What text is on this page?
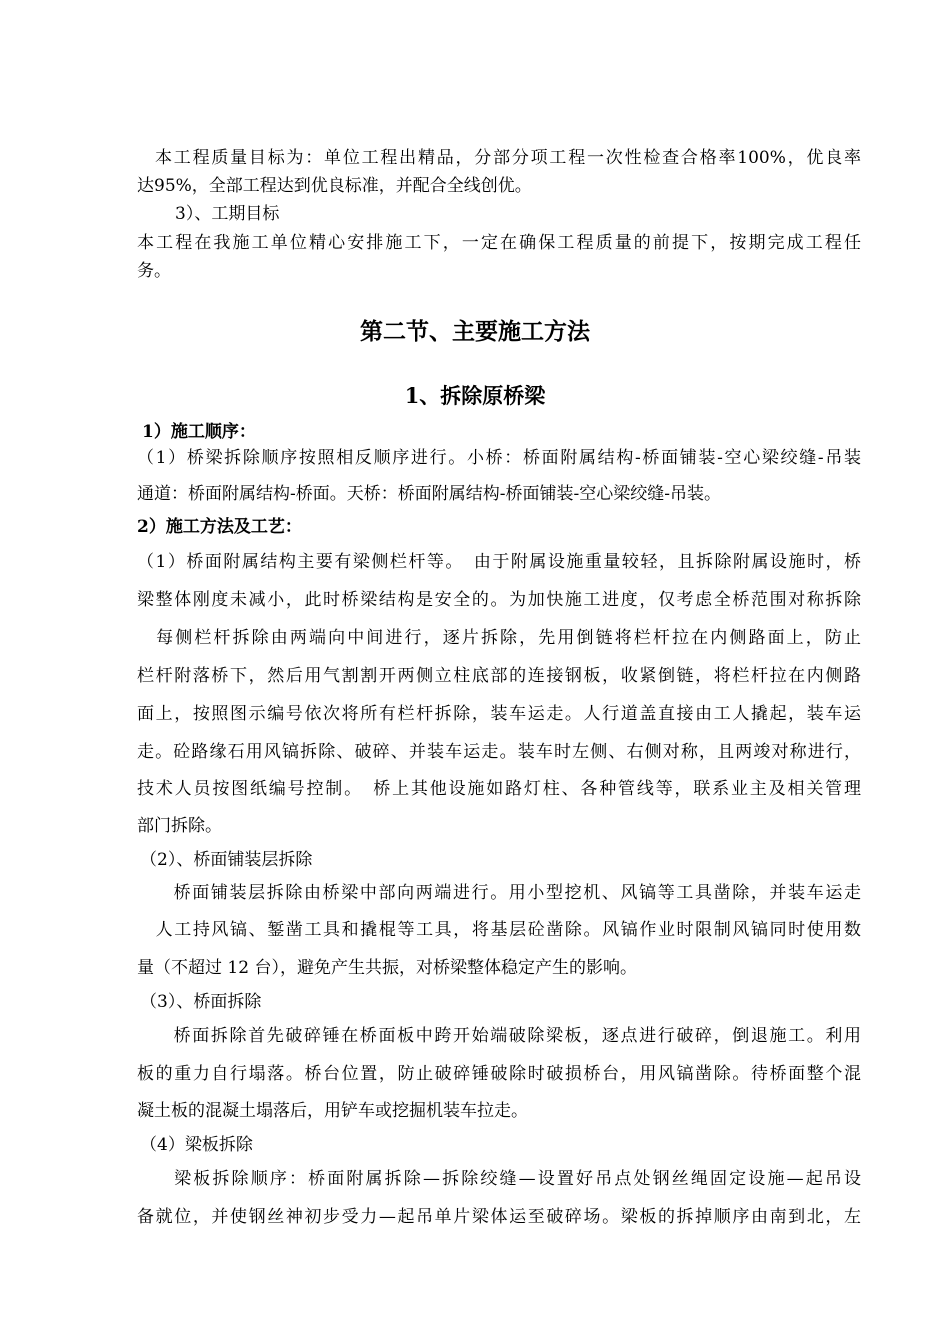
本工程质量目标为：单位工程出精品，分部分项工程一次性检查合格率100%，优良率
达95%，全部工程达到优良标准，并配合全线创优。
3）、工期目标
本工程在我施工单位精心安排施工下，一定在确保工程质量的前提下，按期完成工程任
务。
第二节、主要施工方法
1、拆除原桥梁
1）施工顺序：
（1）桥梁拆除顺序按照相反顺序进行。小桥：桥面附属结构-桥面铺装-空心梁绞缝-吊装
通道：桥面附属结构-桥面。天桥：桥面附属结构-桥面铺装-空心梁绞缝-吊装。
2）施工方法及工艺：
（1）桥面附属结构主要有梁侧栏杆等。　由于附属设施重量较轻，且拆除附属设施时，桥
梁整体刚度未减小，此时桥梁结构是安全的。为加快施工进度，仅考虑全桥范围对称拆除
　每侧栏杆拆除由两端向中间进行，逐片拆除，先用倒链将栏杆拉在内侧路面上，防止
栏杆附落桥下，然后用气割割开两侧立柱底部的连接钢板，收紧倒链，将栏杆拉在内侧路
面上，按照图示编号依次将所有栏杆拆除，装车运走。人行道盖直接由工人撬起，装车运
走。砼路缘石用风镐拆除、破碎、并装车运走。装车时左侧、右侧对称，且两竣对称进行，
技术人员按图纸编号控制。　桥上其他设施如路灯柱、各种管线等，联系业主及相关管理
部门拆除。
（2）、桥面铺装层拆除
　桥面铺装层拆除由桥梁中部向两端进行。用小型挖机、风镐等工具凿除，并装车运走
　人工持风镐、錾凿工具和撬棍等工具，将基层砼凿除。风镐作业时限制风镐同时使用数
量（不超过 12 台），避免产生共振，对桥梁整体稳定产生的影响。
（3）、桥面拆除
　桥面拆除首先破碎锤在桥面板中跨开始端破除梁板，逐点进行破碎，倒退施工。利用
板的重力自行塌落。桥台位置，防止破碎锤破除时破损桥台，用风镐凿除。待桥面整个混
凝土板的混凝土塌落后，用铲车或挖掘机装车拉走。
（4）梁板拆除
　梁板拆除顺序：桥面附属拆除—拆除绞缝—设置好吊点处钢丝绳固定设施—起吊设
备就位，并使钢丝神初步受力—起吊单片梁体运至破碎场。梁板的拆掉顺序由南到北，左
